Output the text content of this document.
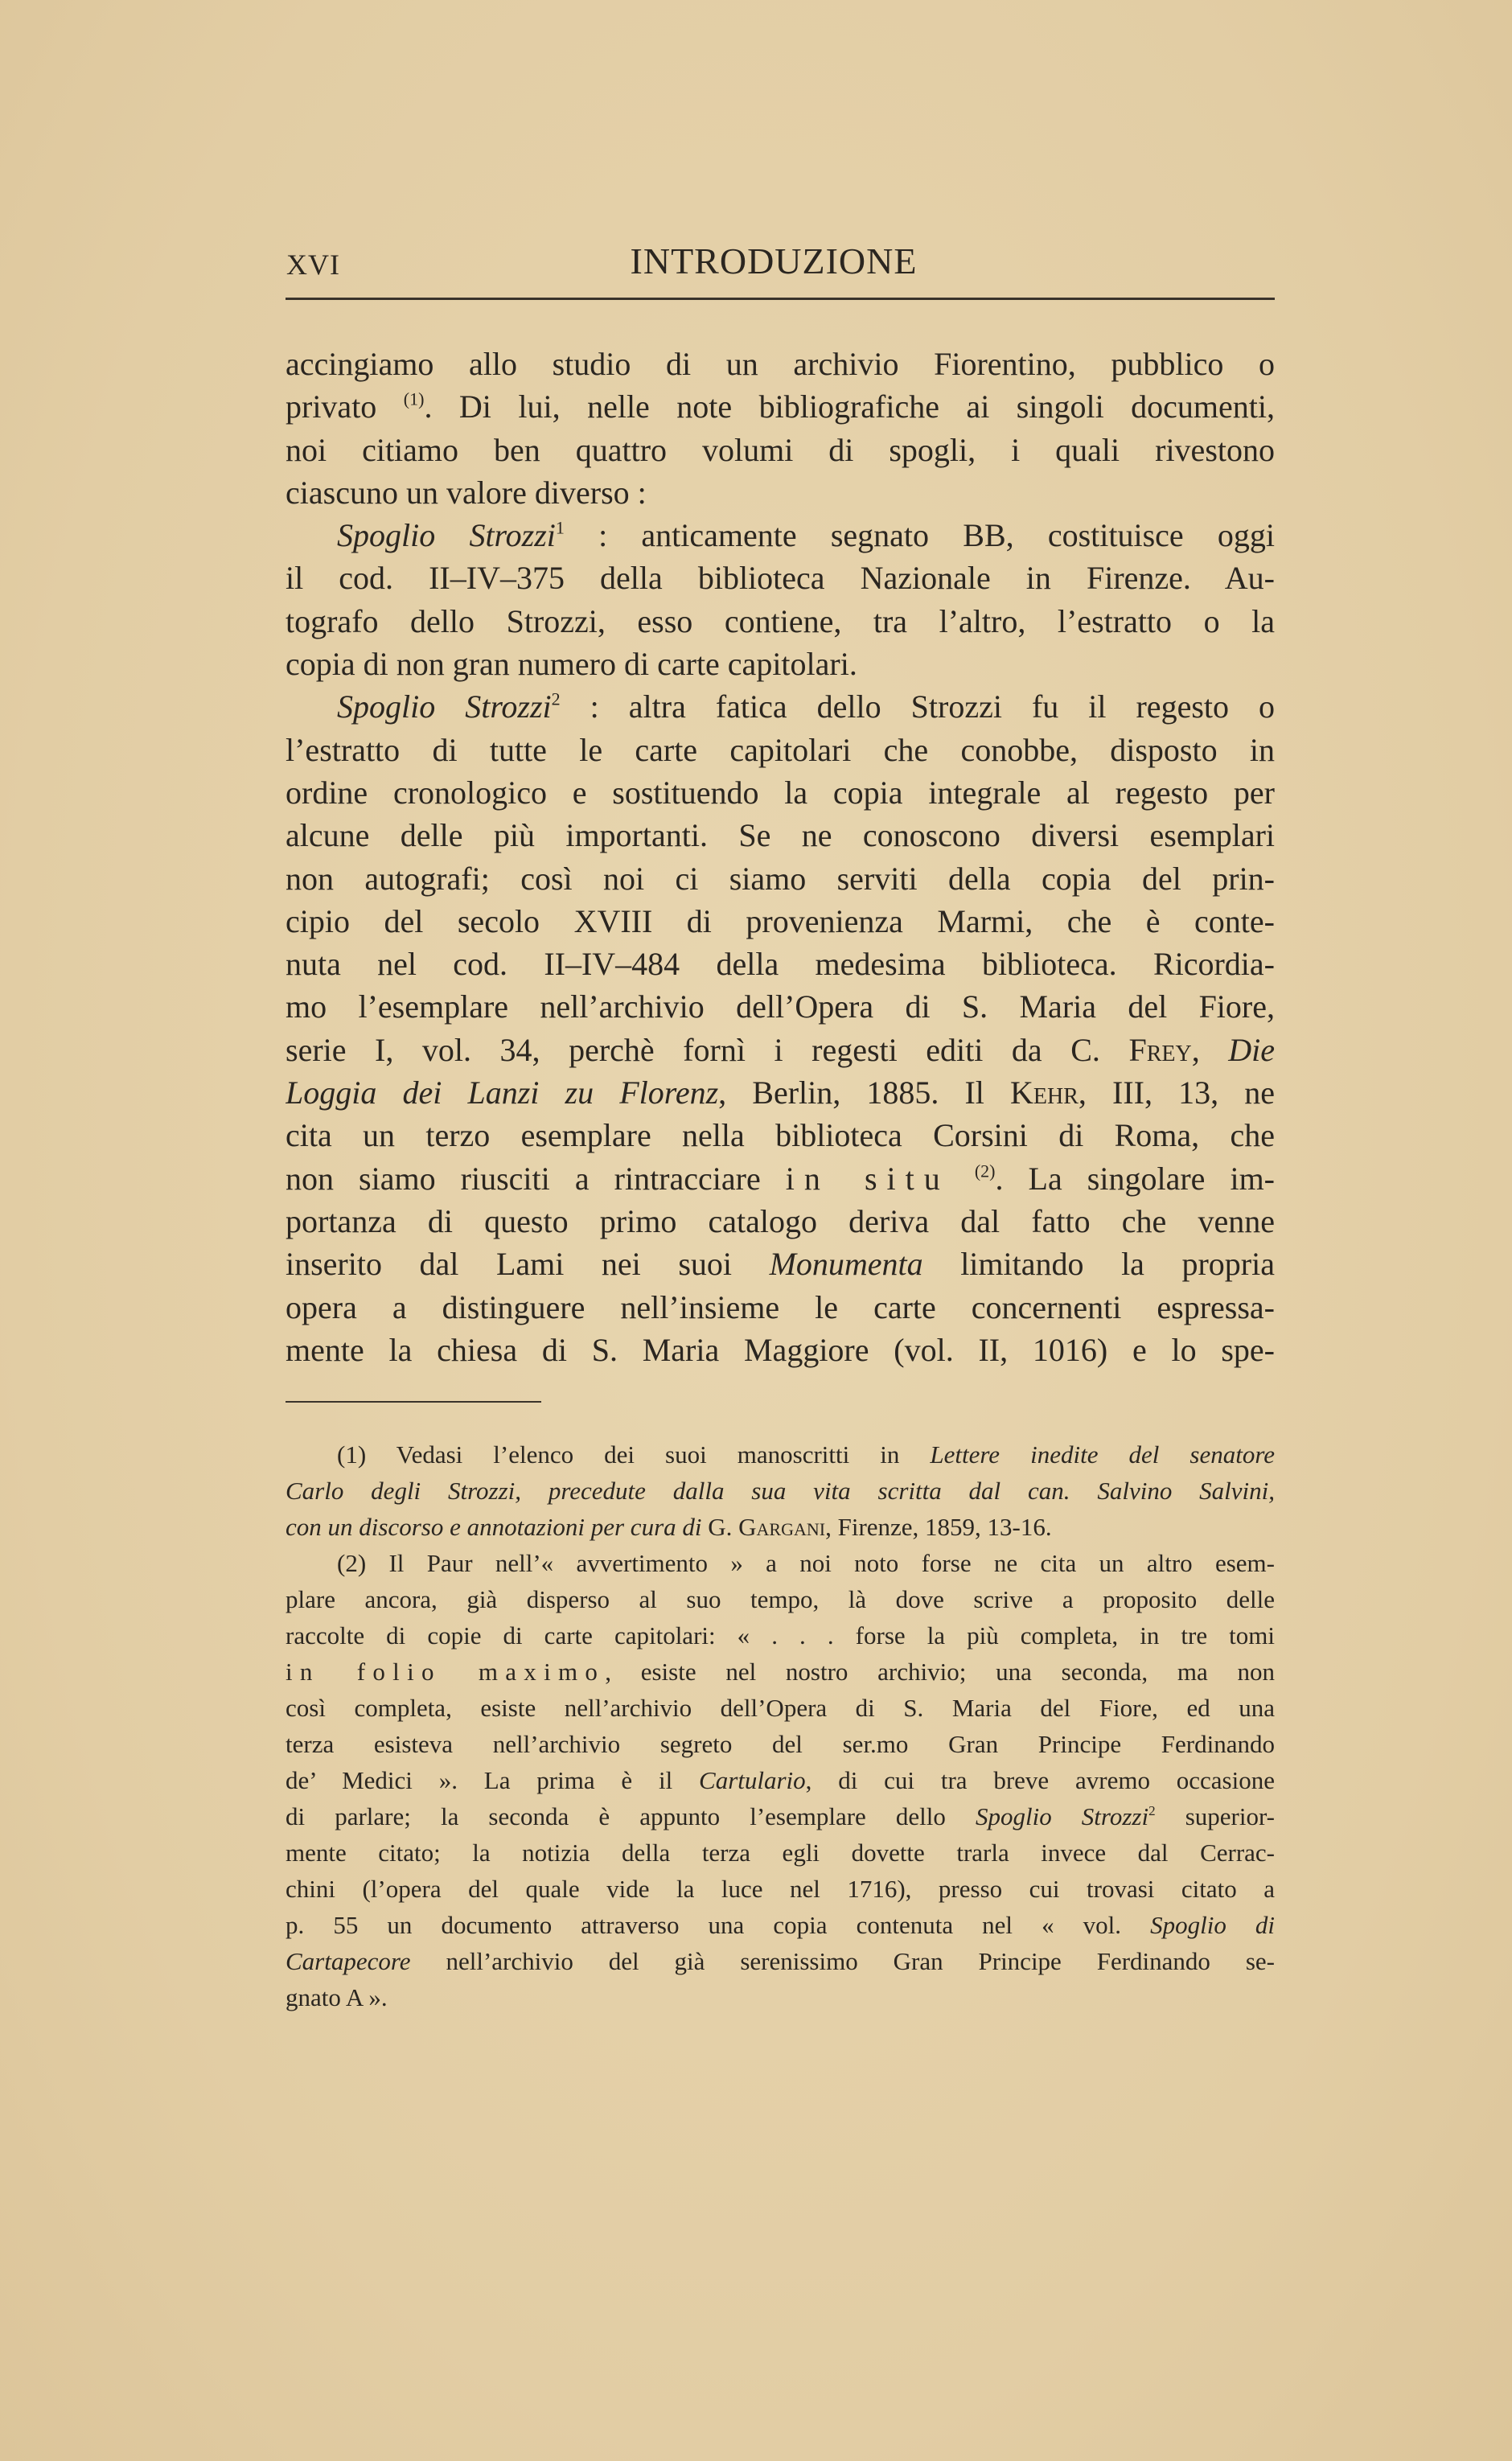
XVI	INTRODUZIONE
accingiamo allo studio di un archivio Fiorentino, pubblico o
privato $^{(1)}$. Di lui, nelle note bibliografiche ai singoli documenti,
noi citiamo ben quattro volumi di spogli, i quali rivestono
ciascuno un valore diverso :
Spoglio Strozzi$^1$ : anticamente segnato BB, costituisce oggi
il cod. II–IV–375 della biblioteca Nazionale in Firenze. Au-
tografo dello Strozzi, esso contiene, tra l’altro, l’estratto o la
copia di non gran numero di carte capitolari.
Spoglio Strozzi$^2$ : altra fatica dello Strozzi fu il regesto o
l’estratto di tutte le carte capitolari che conobbe, disposto in
ordine cronologico e sostituendo la copia integrale al regesto per
alcune delle più importanti. Se ne conoscono diversi esemplari
non autografi; così noi ci siamo serviti della copia del prin-
cipio del secolo XVIII di provenienza Marmi, che è conte-
nuta nel cod. II–IV–484 della medesima biblioteca. Ricordia-
mo l’esemplare nell’archivio dell’Opera di S. Maria del Fiore,
serie I, vol. 34, perchè fornì i regesti editi da C. Frey, Die
Loggia dei Lanzi zu Florenz, Berlin, 1885. Il Kehr, III, 13, ne
cita un terzo esemplare nella biblioteca Corsini di Roma, che
non siamo riusciti a rintracciare in situ $^{(2)}$. La singolare im-
portanza di questo primo catalogo deriva dal fatto che venne
inserito dal Lami nei suoi Monumenta limitando la propria
opera a distinguere nell’insieme le carte concernenti espressa-
mente la chiesa di S. Maria Maggiore (vol. II, 1016) e lo spe-
(1) Vedasi l’elenco dei suoi manoscritti in Lettere inedite del senatore
Carlo degli Strozzi, precedute dalla sua vita scritta dal can. Salvino Salvini,
con un discorso e annotazioni per cura di G. Gargani, Firenze, 1859, 13-16.
(2) Il Paur nell’« avvertimento » a noi noto forse ne cita un altro esem-
plare ancora, già disperso al suo tempo, là dove scrive a proposito delle
raccolte di copie di carte capitolari: « . . . forse la più completa, in tre tomi
in folio maximo, esiste nel nostro archivio; una seconda, ma non
così completa, esiste nell’archivio dell’Opera di S. Maria del Fiore, ed una
terza esisteva nell’archivio segreto del ser.mo Gran Principe Ferdinando
de’ Medici ». La prima è il Cartulario, di cui tra breve avremo occasione
di parlare; la seconda è appunto l’esemplare dello Spoglio Strozzi$^2$ superior-
mente citato; la notizia della terza egli dovette trarla invece dal Cerrac-
chini (l’opera del quale vide la luce nel 1716), presso cui trovasi citato a
p. 55 un documento attraverso una copia contenuta nel « vol. Spoglio di
Cartapecore nell’archivio del già serenissimo Gran Principe Ferdinando se-
gnato A ».
